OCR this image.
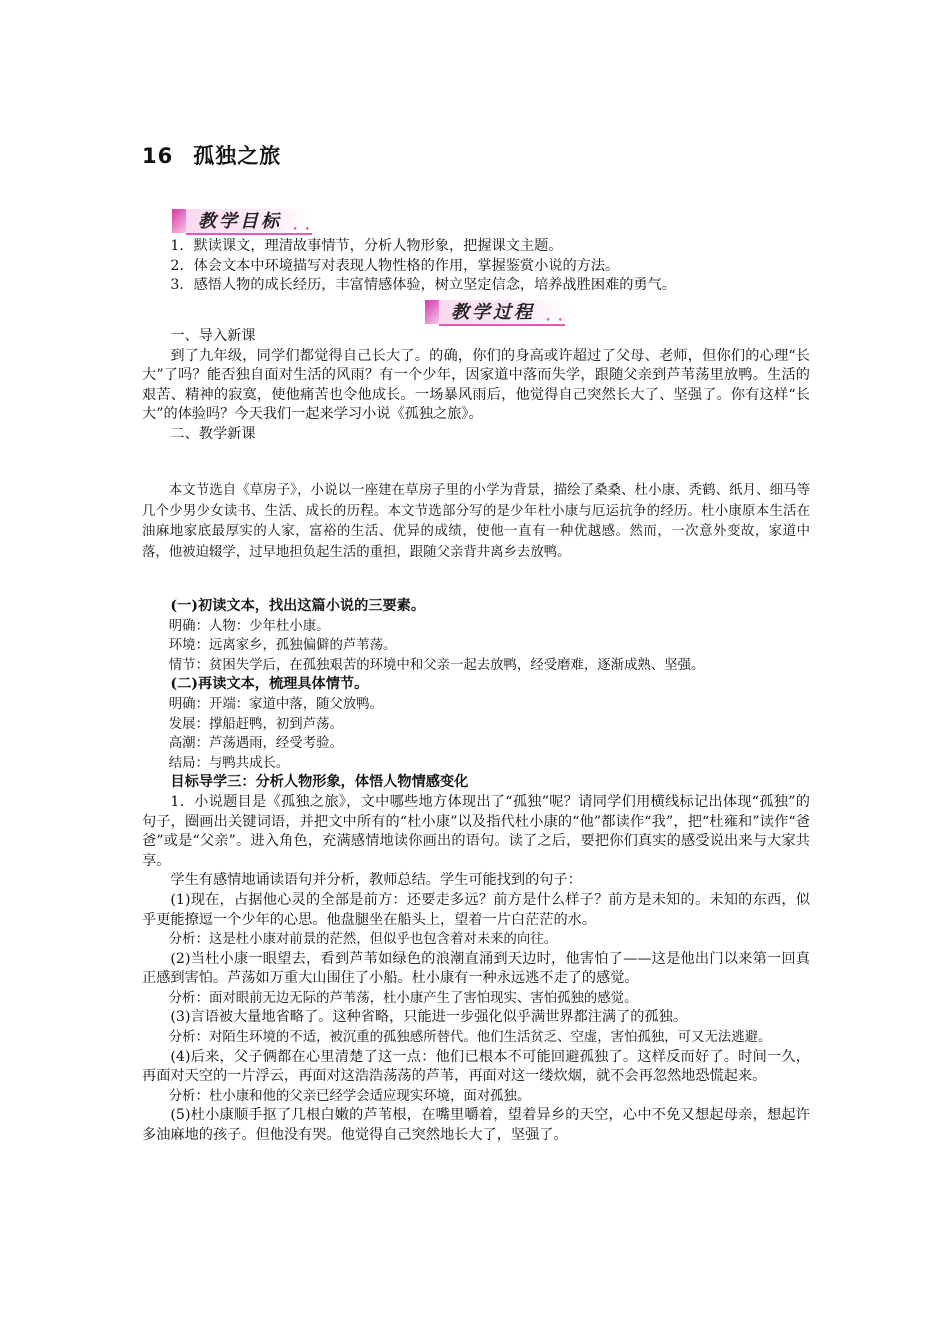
16 孤独之旅
教学目标 • •

1．默读课文，理清故事情节，分析人物形象，把握课文主题。

2．体会文本中环境描写对表现人物性格的作用，掌握鉴赏小说的方法。

3．感悟人物的成长经历，丰富情感体验，树立坚定信念，培养战胜困难的勇气。

教学过程 • •

一、导入新课

到了九年级，同学们都觉得自己长大了。的确，你们的身高或许超过了父母、老师，但你们的心理“长大”了吗？能否独自面对生活的风雨？有一个少年，因家道中落而失学，跟随父亲到芦苇荡里放鸭。生活的艰苦、精神的寂寞，使他痛苦也令他成长。一场暴风雨后，他觉得自己突然长大了、坚强了。你有这样“长大”的体验吗？今天我们一起来学习小说《孤独之旅》。

二、教学新课

本文节选自《草房子》，小说以一座建在草房子里的小学为背景，描绘了桑桑、杜小康、秃鹤、纸月、细马等几个少男少女读书、生活、成长的历程。本文节选部分写的是少年杜小康与厄运抗争的经历。杜小康原本生活在油麻地家底最厚实的人家，富裕的生活、优异的成绩，使他一直有一种优越感。然而，一次意外变故，家道中落，他被迫辍学，过早地担负起生活的重担，跟随父亲背井离乡去放鸭。

(一)初读文本，找出这篇小说的三要素。

明确：人物：少年杜小康。

环境：远离家乡，孤独偏僻的芦苇荡。

情节：贫困失学后，在孤独艰苦的环境中和父亲一起去放鸭，经受磨难，逐渐成熟、坚强。

(二)再读文本，梳理具体情节。

明确：开端：家道中落，随父放鸭。

发展：撑船赶鸭，初到芦荡。

高潮：芦荡遇雨，经受考验。

结局：与鸭共成长。

目标导学三：分析人物形象，体悟人物情感变化

1．小说题目是《孤独之旅》，文中哪些地方体现出了“孤独”呢？请同学们用横线标记出体现“孤独”的句子，圈画出关键词语，并把文中所有的“杜小康”以及指代杜小康的“他”都读作“我”，把“杜雍和”读作“爸爸”或是“父亲”。进入角色，充满感情地读你画出的语句。读了之后，要把你们真实的感受说出来与大家共享。

学生有感情地诵读语句并分析，教师总结。学生可能找到的句子：

(1)现在，占据他心灵的全部是前方：还要走多远？前方是什么样子？前方是未知的。未知的东西，似乎更能撩逗一个少年的心思。他盘腿坐在船头上，望着一片白茫茫的水。

分析：这是杜小康对前景的茫然，但似乎也包含着对未来的向往。

(2)当杜小康一眼望去，看到芦苇如绿色的浪潮直涌到天边时，他害怕了——这是他出门以来第一回真正感到害怕。芦荡如万重大山围住了小船。杜小康有一种永远逃不走了的感觉。

分析：面对眼前无边无际的芦苇荡，杜小康产生了害怕现实、害怕孤独的感觉。

(3)言语被大量地省略了。这种省略，只能进一步强化似乎满世界都注满了的孤独。

分析：对陌生环境的不适，被沉重的孤独感所替代。他们生活贫乏、空虚，害怕孤独，可又无法逃避。

(4)后来，父子俩都在心里清楚了这一点：他们已根本不可能回避孤独了。这样反而好了。时间一久，再面对天空的一片浮云，再面对这浩浩荡荡的芦苇，再面对这一缕炊烟，就不会再忽然地恐慌起来。

分析：杜小康和他的父亲已经学会适应现实环境，面对孤独。

(5)杜小康顺手抠了几根白嫩的芦苇根，在嘴里嚼着，望着异乡的天空，心中不免又想起母亲，想起许多油麻地的孩子。但他没有哭。他觉得自己突然地长大了，坚强了。
